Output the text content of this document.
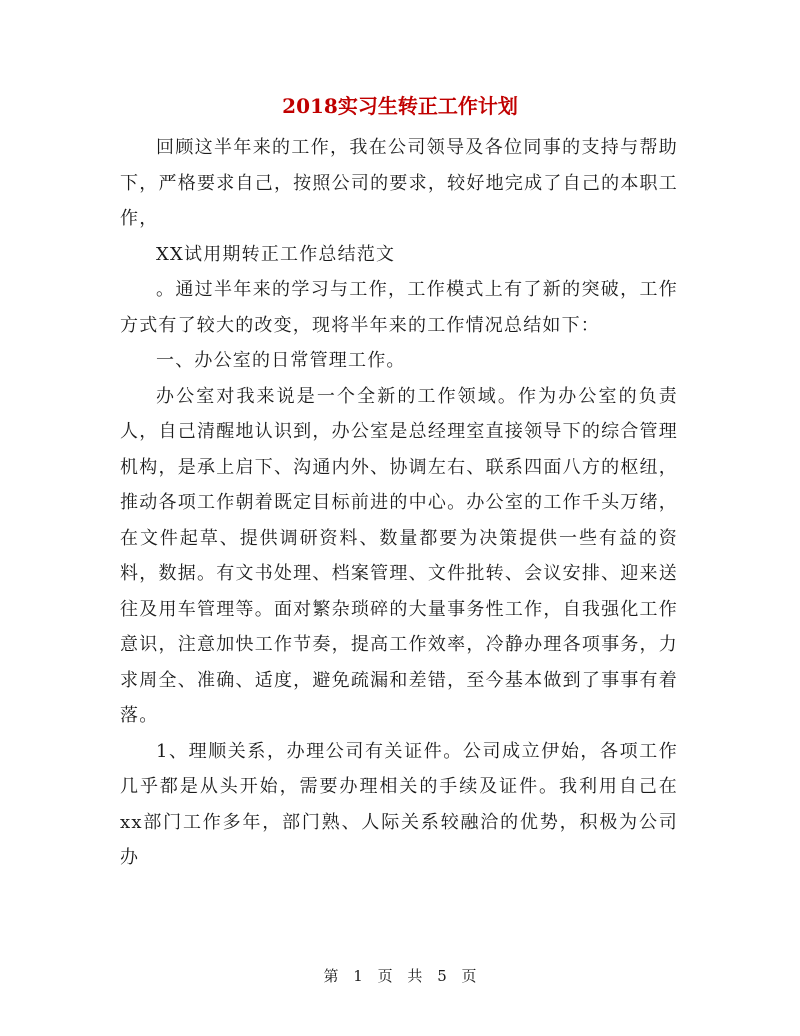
2018实习生转正工作计划

回顾这半年来的工作，我在公司领导及各位同事的支持与帮助下，严格要求自己，按照公司的要求，较好地完成了自己的本职工作，

XX试用期转正工作总结范文

。通过半年来的学习与工作，工作模式上有了新的突破，工作方式有了较大的改变，现将半年来的工作情况总结如下：

一、办公室的日常管理工作。

办公室对我来说是一个全新的工作领域。作为办公室的负责人，自己清醒地认识到，办公室是总经理室直接领导下的综合管理机构，是承上启下、沟通内外、协调左右、联系四面八方的枢纽，推动各项工作朝着既定目标前进的中心。办公室的工作千头万绪，在文件起草、提供调研资料、数量都要为决策提供一些有益的资料，数据。有文书处理、档案管理、文件批转、会议安排、迎来送往及用车管理等。面对繁杂琐碎的大量事务性工作，自我强化工作意识，注意加快工作节奏，提高工作效率，冷静办理各项事务，力求周全、准确、适度，避免疏漏和差错，至今基本做到了事事有着落。

1、理顺关系，办理公司有关证件。公司成立伊始，各项工作几乎都是从头开始，需要办理相关的手续及证件。我利用自己在xx部门工作多年，部门熟、人际关系较融洽的优势，积极为公司办

第 1 页 共 5 页
